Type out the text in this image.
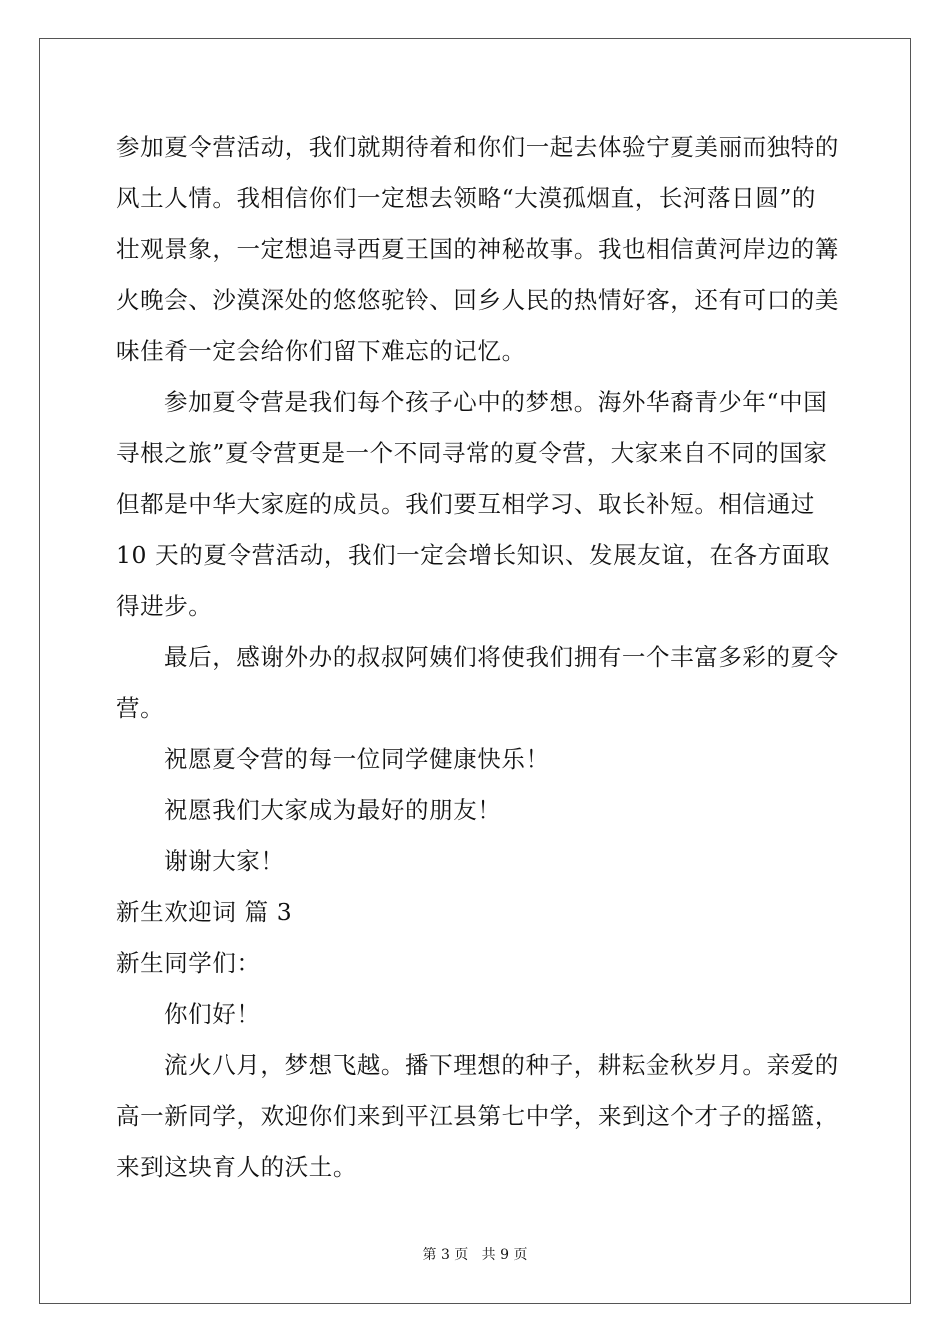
参加夏令营活动，我们就期待着和你们一起去体验宁夏美丽而独特的
风土人情。我相信你们一定想去领略“大漠孤烟直，长河落日圆”的
壮观景象，一定想追寻西夏王国的神秘故事。我也相信黄河岸边的篝
火晚会、沙漠深处的悠悠驼铃、回乡人民的热情好客，还有可口的美
味佳肴一定会给你们留下难忘的记忆。
参加夏令营是我们每个孩子心中的梦想。海外华裔青少年“中国
寻根之旅”夏令营更是一个不同寻常的夏令营，大家来自不同的国家
但都是中华大家庭的成员。我们要互相学习、取长补短。相信通过
10 天的夏令营活动，我们一定会增长知识、发展友谊，在各方面取
得进步。
最后，感谢外办的叔叔阿姨们将使我们拥有一个丰富多彩的夏令
营。
祝愿夏令营的每一位同学健康快乐！
祝愿我们大家成为最好的朋友！
谢谢大家！
新生欢迎词 篇 3
新生同学们：
你们好！
流火八月，梦想飞越。播下理想的种子，耕耘金秋岁月。亲爱的
高一新同学，欢迎你们来到平江县第七中学，来到这个才子的摇篮，
来到这块育人的沃土。
第 3 页 共 9 页
